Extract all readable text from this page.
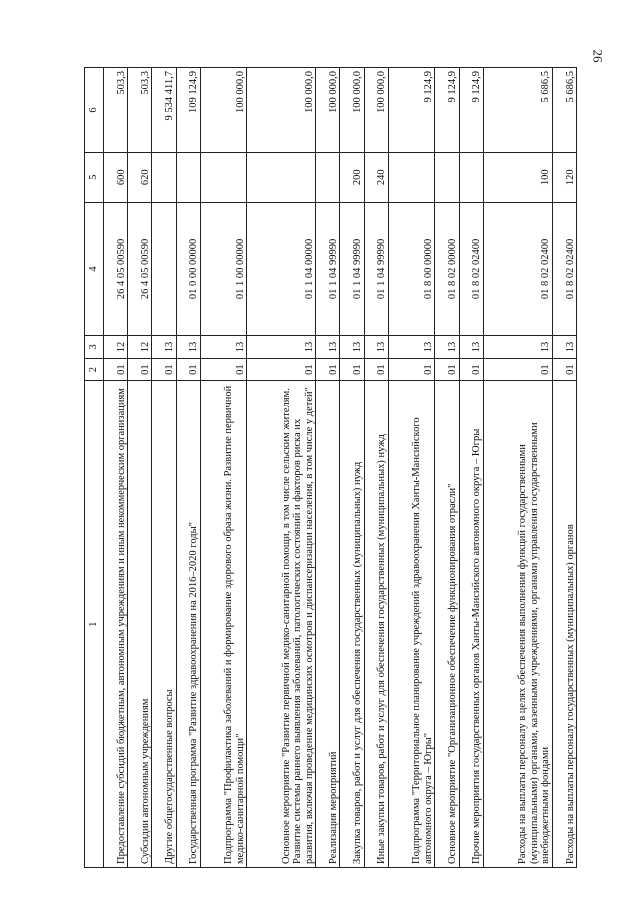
26
1	2	3	4	5	6
Предоставление субсидий бюджетным, автономным учреждениям и иным некоммерческим организациям	01	12	26 4 05 00590	600	503,3
Субсидии автономным учреждениям	01	12	26 4 05 00590	620	503,3
Другие общегосударственные вопросы	01	13			9 534 411,7
Государственная программа "Развитие здравоохранения на 2016–2020 годы"	01	13	01 0 00 00000		109 124,9
Подпрограмма "Профилактика заболеваний и формирование здорового образа жизни. Развитие первичной медико-санитарной помощи"	01	13	01 1 00 00000		100 000,0
Основное мероприятие "Развитие первичной медико-санитарной помощи, в том числе сельским жителям. Развитие системы раннего выявления заболеваний, патологических состояний и факторов риска их развития, включая проведение медицинских осмотров и диспансеризации населения, в том числе у детей"	01	13	01 1 04 00000		100 000,0
Реализация мероприятий	01	13	01 1 04 99990		100 000,0
Закупка товаров, работ и услуг для обеспечения государственных (муниципальных) нужд	01	13	01 1 04 99990	200	100 000,0
Иные закупки товаров, работ и услуг для обеспечения государственных (муниципальных) нужд	01	13	01 1 04 99990	240	100 000,0
Подпрограмма "Территориальное планирование учреждений здравоохранения Ханты-Мансийского автономного округа – Югры"	01	13	01 8 00 00000		9 124,9
Основное мероприятие "Организационное обеспечение функционирования отрасли"	01	13	01 8 02 00000		9 124,9
Прочие мероприятия государственных органов Ханты-Мансийского автономного округа – Югры	01	13	01 8 02 02400		9 124,9
Расходы на выплаты персоналу в целях обеспечения выполнения функций государственными (муниципальными) органами, казенными учреждениями, органами управления государственными внебюджетными фондами	01	13	01 8 02 02400	100	5 686,5
Расходы на выплаты персоналу государственных (муниципальных) органов	01	13	01 8 02 02400	120	5 686,5
